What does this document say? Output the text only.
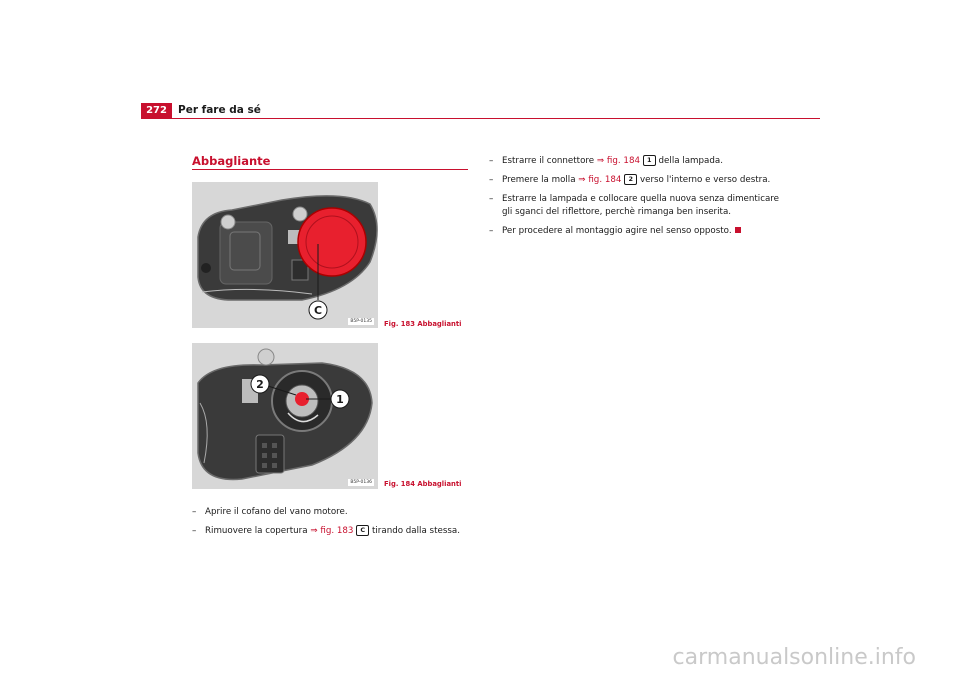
272	Per fare da sé
Abbagliante
C
B5P-0135 Fig. 183 Abbaglianti
2
1
B5P-0136 Fig. 184 Abbaglianti
– Aprire il cofano del vano motore.
– Rimuovere la copertura ⇒ fig. 183 C tirando dalla stessa.
– Estrarre il connettore ⇒ fig. 184 1 della lampada.
– Premere la molla ⇒ fig. 184 2 verso l'interno e verso destra.
– Estrarre la lampada e collocare quella nuova senza dimenticare gli sganci del riflettore, perchè rimanga ben inserita.
– Per procedere al montaggio agire nel senso opposto.
carmanualsonline.info
